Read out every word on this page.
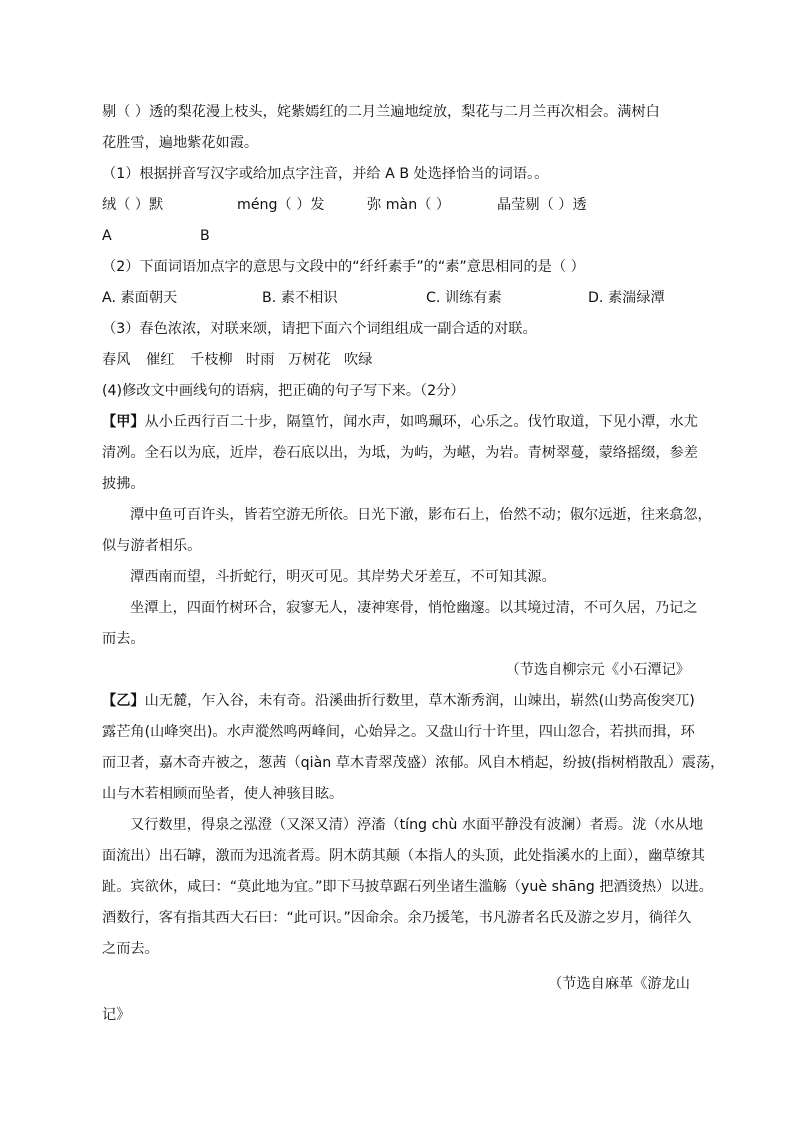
剔（ ）透的梨花漫上枝头，姹紫嫣红的二月兰遍地绽放，梨花与二月兰再次相会。满树白
花胜雪，遍地紫花如霞。
（1）根据拼音写汉字或给加点字注音，并给 A B 处选择恰当的词语。。
绒（ ）默	méng（ ）发	弥 màn（ ）	晶莹剔（ ）透
A	B
（2）下面词语加点字的意思与文段中的“纤纤素手”的“素”意思相同的是（ ）
A. 素面朝天	B. 素不相识	C. 训练有素	D. 素湍绿潭
（3）春色浓浓，对联来颂，请把下面六个词组组成一副合适的对联。
春风	催红	千枝柳 时雨 万树花 吹绿
(4)修改文中画线句的语病，把正确的句子写下来。（2分）
【甲】从小丘西行百二十步，隔篁竹，闻水声，如鸣珮环，心乐之。伐竹取道，下见小潭，水尤
清冽。全石以为底，近岸，卷石底以出，为坻，为屿，为嵁，为岩。青树翠蔓，蒙络摇缀，参差
披拂。
潭中鱼可百许头，皆若空游无所依。日光下澈，影布石上，佁然不动；俶尔远逝，往来翕忽，
似与游者相乐。
潭西南而望，斗折蛇行，明灭可见。其岸势犬牙差互，不可知其源。
坐潭上，四面竹树环合，寂寥无人，凄神寒骨，悄怆幽邃。以其境过清，不可久居，乃记之
而去。
（节选自柳宗元《小石潭记》
【乙】山无麓，乍入谷，未有奇。沿溪曲折行数里，草木渐秀润，山竦出，崭然(山势高俊突兀)
露芒角(山峰突出)。水声漎然鸣两峰间，心始异之。又盘山行十许里，四山忽合，若拱而揖，环
而卫者，嘉木奇卉被之，葱茜（qiàn 草木青翠茂盛）浓郁。风自木梢起，纷披(指树梢散乱）震荡，
山与木若相顾而坠者，使人神骇目眩。
又行数里，得泉之泓澄（又深又清）渟滀（tíng chù 水面平静没有波澜）者焉。泷（水从地
面流出）出石罅，激而为迅流者焉。阴木荫其颠（本指人的头顶，此处指溪水的上面），幽草缭其
趾。宾欲休，咸曰：“莫此地为宜。”即下马披草踞石列坐诸生滥觞（yuè shāng 把酒烫热）以进。
酒数行，客有指其西大石曰：“此可识。”因命余。余乃援笔，书凡游者名氏及游之岁月，徜徉久
之而去。
（节选自麻革《游龙山
记》
